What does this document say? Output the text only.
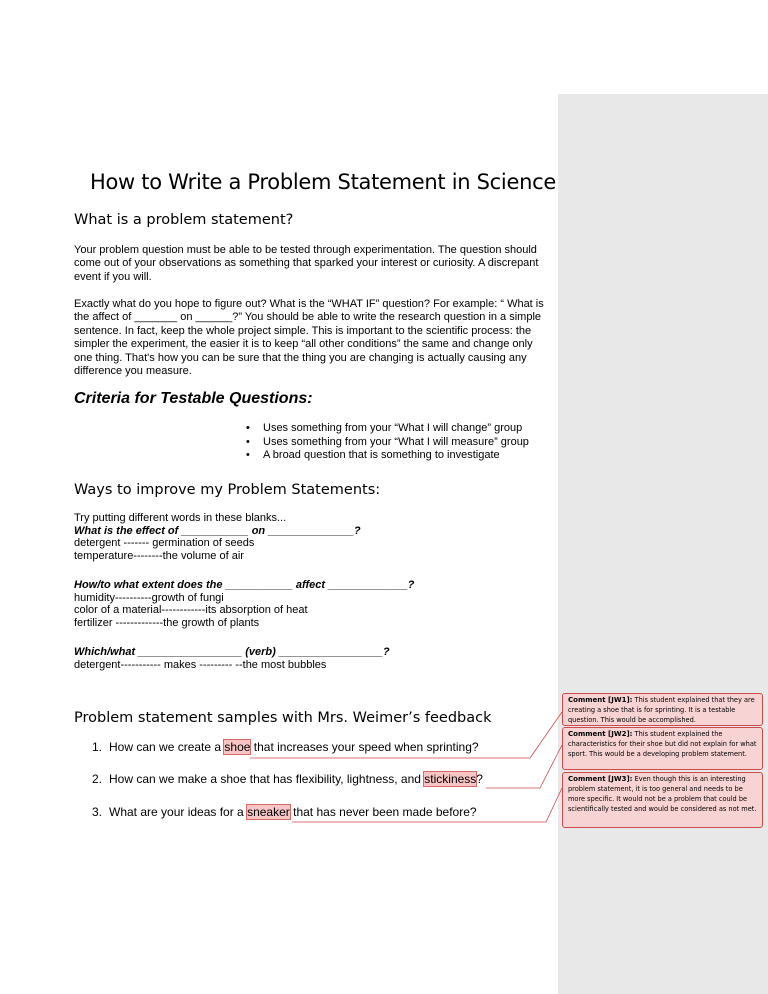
How to Write a Problem Statement in Science
What is a problem statement?

Your problem question must be able to be tested through experimentation. The question should come out of your observations as something that sparked your interest or curiosity. A discrepant event if you will.

Exactly what do you hope to figure out? What is the “WHAT IF” question? For example: “ What is the affect of _______ on ______?” You should be able to write the research question in a simple sentence. In fact, keep the whole project simple. This is important to the scientific process: the simpler the experiment, the easier it is to keep “all other conditions” the same and change only one thing. That's how you can be sure that the thing you are changing is actually causing any difference you measure.

Criteria for Testable Questions:
• Uses something from your “What I will change” group
• Uses something from your “What I will measure” group
• A broad question that is something to investigate
Ways to improve my Problem Statements:
Try putting different words in these blanks...
What is the effect of ___________ on ______________?
detergent ------- germination of seeds
temperature--------the volume of air
How/to what extent does the ___________ affect _____________?
humidity----------growth of fungi
color of a material------------its absorption of heat
fertilizer -------------the growth of plants
Which/what _________________ (verb) _________________?
detergent----------- makes --------- --the most bubbles
Problem statement samples with Mrs. Weimer’s feedback
1. How can we create a shoe that increases your speed when sprinting?
2. How can we make a shoe that has flexibility, lightness, and stickiness?
3. What are your ideas for a sneaker that has never been made before?
Comment [JW1]: This student explained that they are creating a shoe that is for sprinting. It is a testable question. This would be accomplished.
Comment [JW2]: This student explained the characteristics for their shoe but did not explain for what sport. This would be a developing problem statement.
Comment [JW3]: Even though this is an interesting problem statement, it is too general and needs to be more specific. It would not be a problem that could be scientifically tested and would be considered as not met.
